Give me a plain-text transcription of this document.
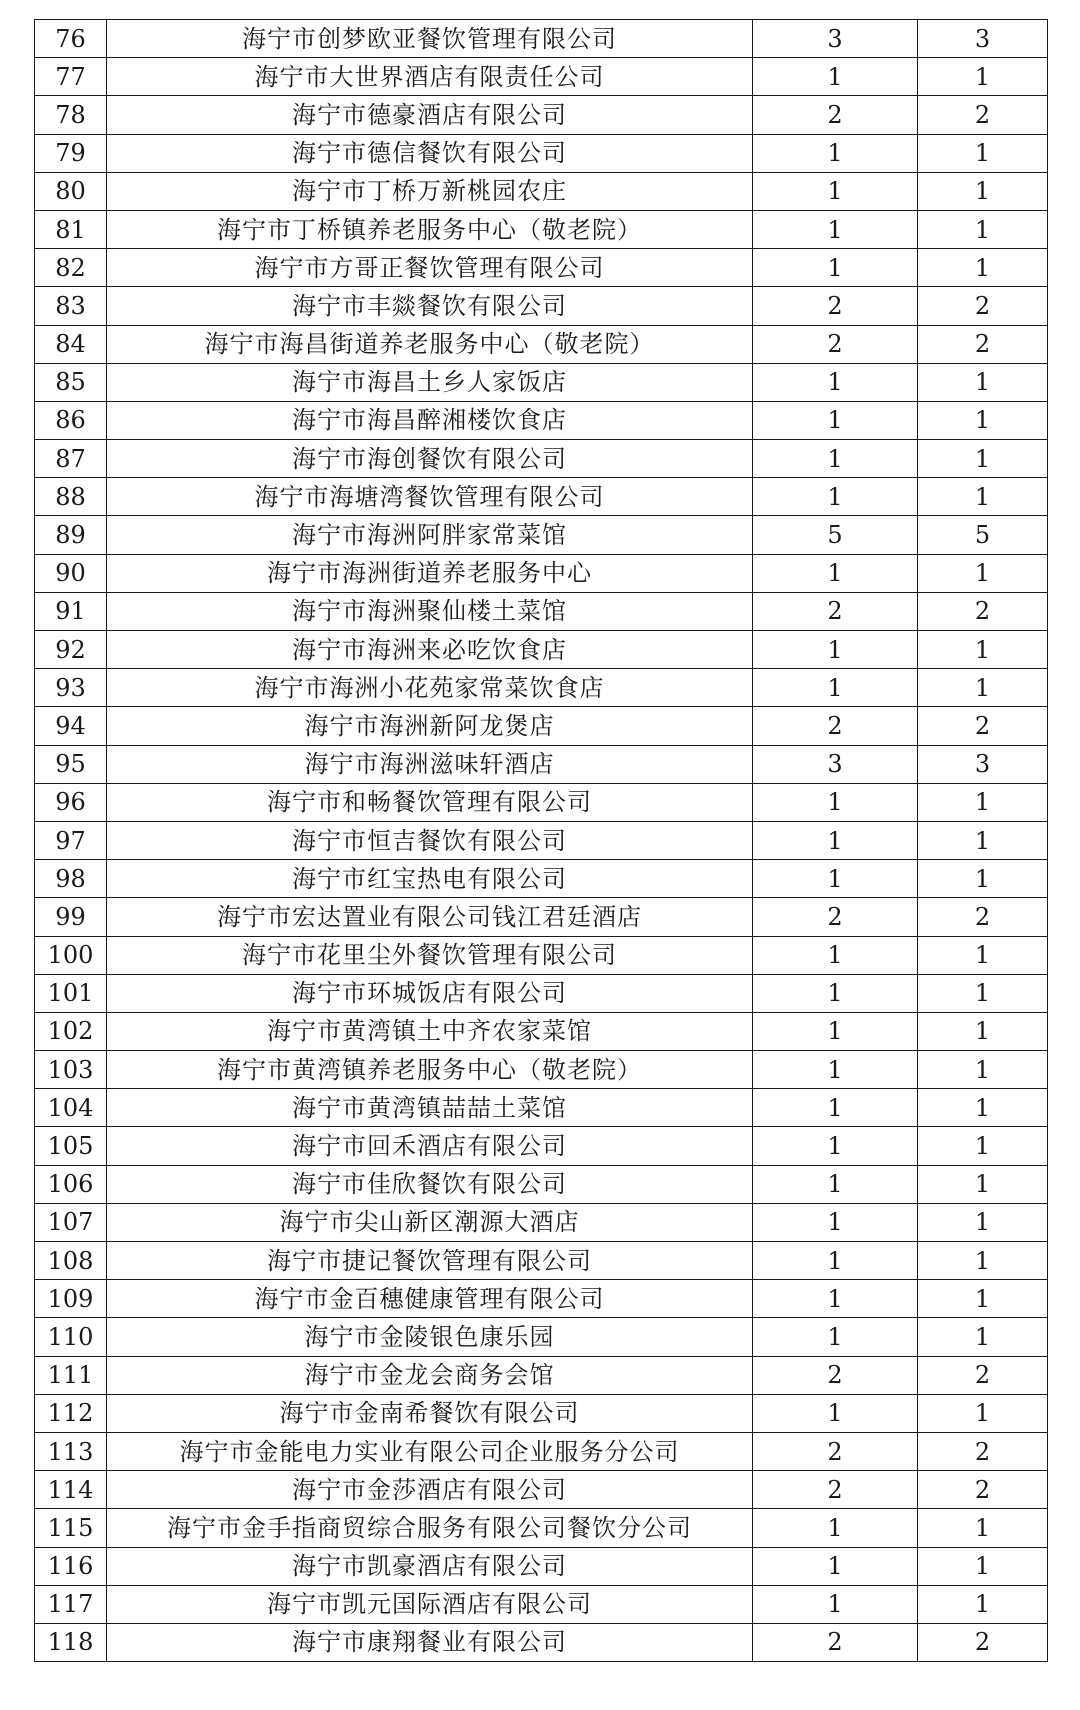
76	海宁市创梦欧亚餐饮管理有限公司	3	3
77	海宁市大世界酒店有限责任公司	1	1
78	海宁市德豪酒店有限公司	2	2
79	海宁市德信餐饮有限公司	1	1
80	海宁市丁桥万新桃园农庄	1	1
81	海宁市丁桥镇养老服务中心（敬老院）	1	1
82	海宁市方哥正餐饮管理有限公司	1	1
83	海宁市丰燚餐饮有限公司	2	2
84	海宁市海昌街道养老服务中心（敬老院）	2	2
85	海宁市海昌土乡人家饭店	1	1
86	海宁市海昌醉湘楼饮食店	1	1
87	海宁市海创餐饮有限公司	1	1
88	海宁市海塘湾餐饮管理有限公司	1	1
89	海宁市海洲阿胖家常菜馆	5	5
90	海宁市海洲街道养老服务中心	1	1
91	海宁市海洲聚仙楼土菜馆	2	2
92	海宁市海洲来必吃饮食店	1	1
93	海宁市海洲小花苑家常菜饮食店	1	1
94	海宁市海洲新阿龙煲店	2	2
95	海宁市海洲滋味轩酒店	3	3
96	海宁市和畅餐饮管理有限公司	1	1
97	海宁市恒吉餐饮有限公司	1	1
98	海宁市红宝热电有限公司	1	1
99	海宁市宏达置业有限公司钱江君廷酒店	2	2
100	海宁市花里尘外餐饮管理有限公司	1	1
101	海宁市环城饭店有限公司	1	1
102	海宁市黄湾镇土中齐农家菜馆	1	1
103	海宁市黄湾镇养老服务中心（敬老院）	1	1
104	海宁市黄湾镇喆喆土菜馆	1	1
105	海宁市回禾酒店有限公司	1	1
106	海宁市佳欣餐饮有限公司	1	1
107	海宁市尖山新区潮源大酒店	1	1
108	海宁市捷记餐饮管理有限公司	1	1
109	海宁市金百穗健康管理有限公司	1	1
110	海宁市金陵银色康乐园	1	1
111	海宁市金龙会商务会馆	2	2
112	海宁市金南希餐饮有限公司	1	1
113	海宁市金能电力实业有限公司企业服务分公司	2	2
114	海宁市金莎酒店有限公司	2	2
115	海宁市金手指商贸综合服务有限公司餐饮分公司	1	1
116	海宁市凯豪酒店有限公司	1	1
117	海宁市凯元国际酒店有限公司	1	1
118	海宁市康翔餐业有限公司	2	2
